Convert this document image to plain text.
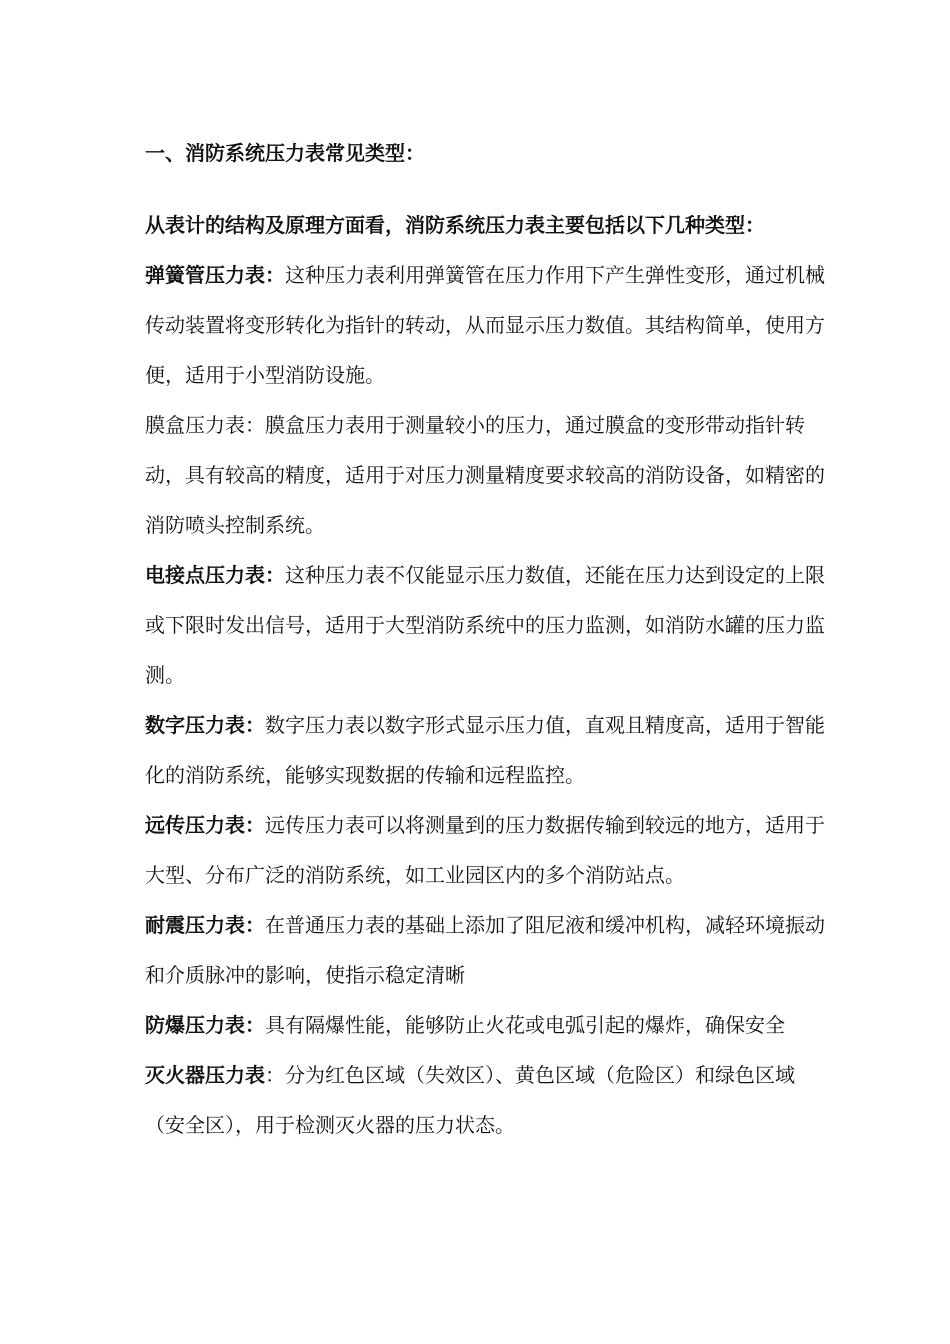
一、消防系统压力表常见类型：

从表计的结构及原理方面看，消防系统压力表主要包括以下几种类型：

弹簧管压力表：这种压力表利用弹簧管在压力作用下产生弹性变形，通过机械传动装置将变形转化为指针的转动，从而显示压力数值。其结构简单，使用方便，适用于小型消防设施。

膜盒压力表：膜盒压力表用于测量较小的压力，通过膜盒的变形带动指针转动，具有较高的精度，适用于对压力测量精度要求较高的消防设备，如精密的消防喷头控制系统。

电接点压力表：这种压力表不仅能显示压力数值，还能在压力达到设定的上限或下限时发出信号，适用于大型消防系统中的压力监测，如消防水罐的压力监测。

数字压力表：数字压力表以数字形式显示压力值，直观且精度高，适用于智能化的消防系统，能够实现数据的传输和远程监控。

远传压力表：远传压力表可以将测量到的压力数据传输到较远的地方，适用于大型、分布广泛的消防系统，如工业园区内的多个消防站点。

耐震压力表：在普通压力表的基础上添加了阻尼液和缓冲机构，减轻环境振动和介质脉冲的影响，使指示稳定清晰

防爆压力表：具有隔爆性能，能够防止火花或电弧引起的爆炸，确保安全

灭火器压力表：分为红色区域（失效区）、黄色区域（危险区）和绿色区域（安全区），用于检测灭火器的压力状态。
